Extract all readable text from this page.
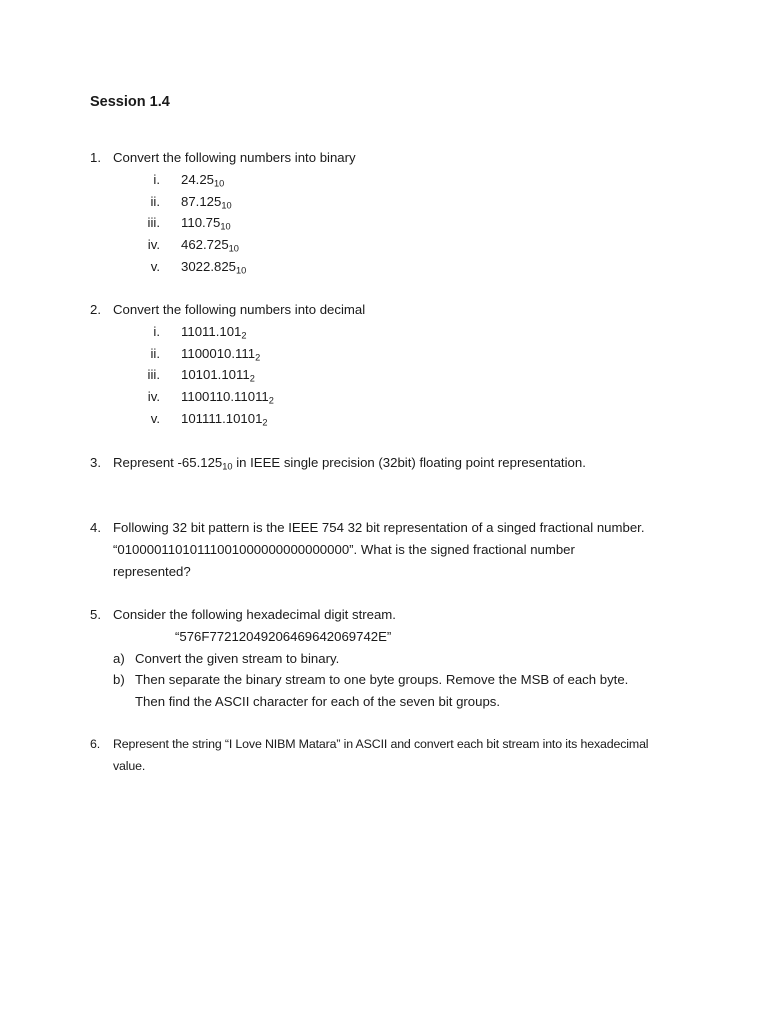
Session 1.4
1. Convert the following numbers into binary
i. $24.25_{10}$
ii. $87.125_{10}$
iii. $110.75_{10}$
iv. $462.725_{10}$
v. $3022.825_{10}$
2. Convert the following numbers into decimal
i. $11011.101_2$
ii. $1100010.111_2$
iii. $10101.1011_2$
iv. $1100110.11011_2$
v. $101111.10101_2$
3. Represent $-65.125_{10}$ in IEEE single precision (32bit) floating point representation.
4. Following 32 bit pattern is the IEEE 754 32 bit representation of a singed fractional number.
“01000011010111001000000000000000”. What is the signed fractional number
represented?
5. Consider the following hexadecimal digit stream.
“576F77212049206469642069742E”
a) Convert the given stream to binary.
b) Then separate the binary stream to one byte groups. Remove the MSB of each byte.
Then find the ASCII character for each of the seven bit groups.
6.	Represent the string “I Love NIBM Matara” in ASCII and convert each bit stream into its hexadecimal
value.
